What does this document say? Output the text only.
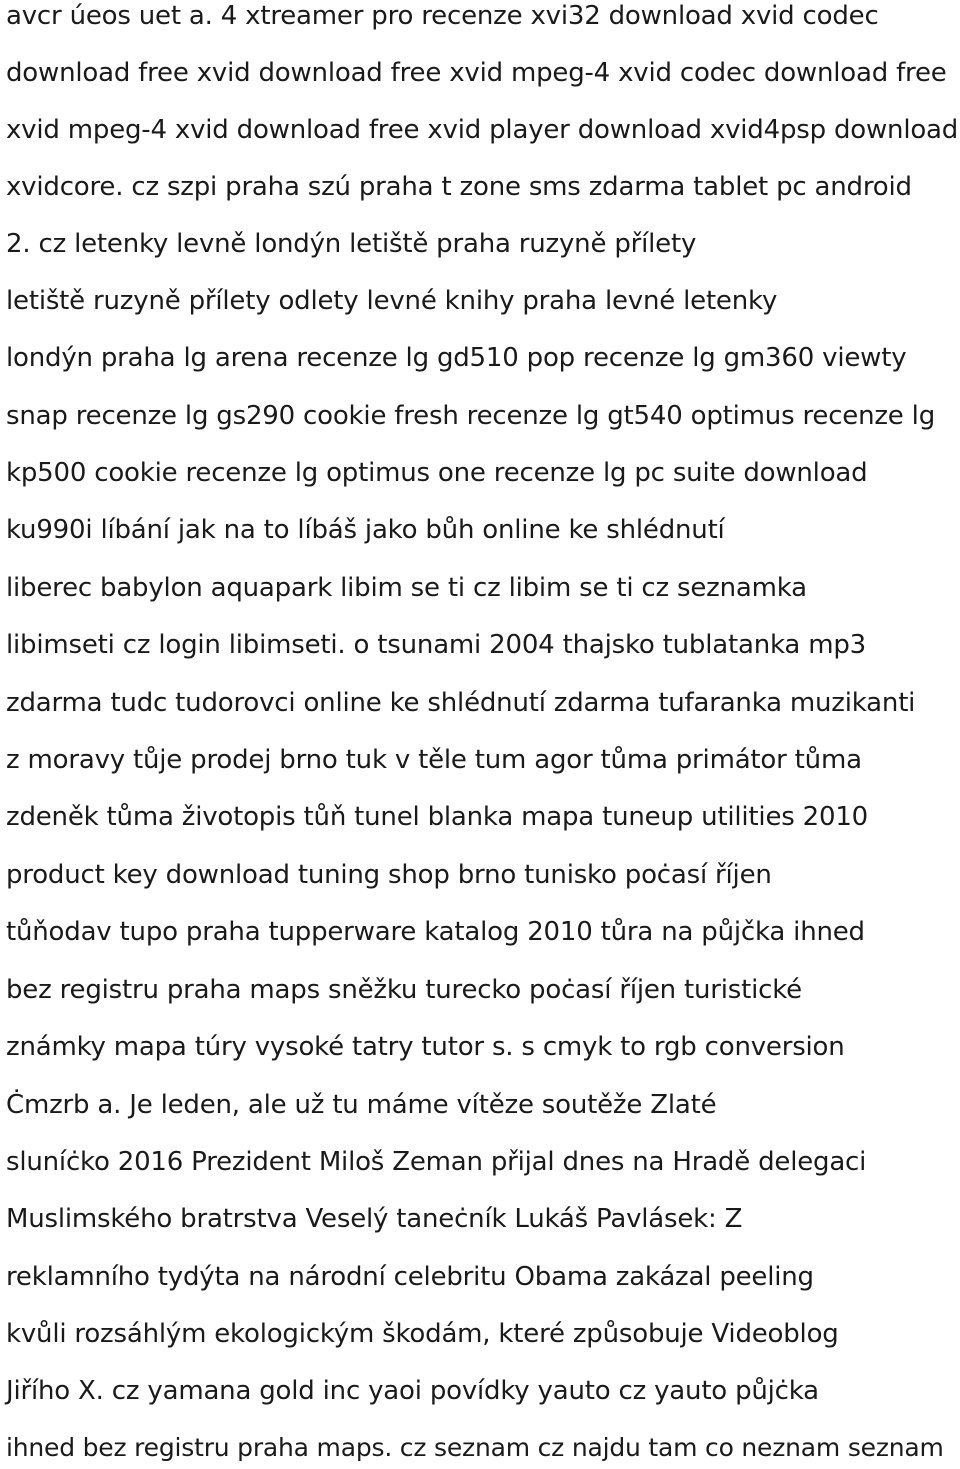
avcr úeos uet a. 4 xtreamer pro recenze xvi32 download xvid codec
download free xvid download free xvid mpeg-4 xvid codec download free
xvid mpeg-4 xvid download free xvid player download xvid4psp download
xvidcore. cz szpi praha szú praha t zone sms zdarma tablet pc android
2. cz letenky levně londýn letiště praha ruzyně přílety
letiště ruzyně přílety odlety levné knihy praha levné letenky
londýn praha lg arena recenze lg gd510 pop recenze lg gm360 viewty
snap recenze lg gs290 cookie fresh recenze lg gt540 optimus recenze lg
kp500 cookie recenze lg optimus one recenze lg pc suite download
ku990i líbání jak na to líbáš jako bůh online ke shlédnutí
liberec babylon aquapark libim se ti cz libim se ti cz seznamka
libimseti cz login libimseti. o tsunami 2004 thajsko tublatanka mp3
zdarma tudc tudorovci online ke shlédnutí zdarma tufaranka muzikanti
z moravy tůje prodej brno tuk v těle tum agor tůma primátor tůma
zdeněk tůma životopis tůň tunel blanka mapa tuneup utilities 2010
product key download tuning shop brno tunisko poċasí říjen
tůňodav tupo praha tupperware katalog 2010 tůra na půjčka ihned
bez registru praha maps sněžku turecko poċasí říjen turistické
známky mapa túry vysoké tatry tutor s. s cmyk to rgb conversion
Ċmzrb a. Je leden, ale už tu máme vítěze soutěže Zlaté
sluníċko 2016 Prezident Miloš Zeman přijal dnes na Hradě delegaci
Muslimského bratrstva Veselý taneċník Lukáš Pavlásek: Z
reklamního tydýta na národní celebritu Obama zakázal peeling
kvůli rozsáhlým ekologickým škodám, které způsobuje Videoblog
Jiřího X. cz yamana gold inc yaoi povídky yauto cz yauto půjċka
ihned bez registru praha maps. cz seznam cz najdu tam co neznam seznam
